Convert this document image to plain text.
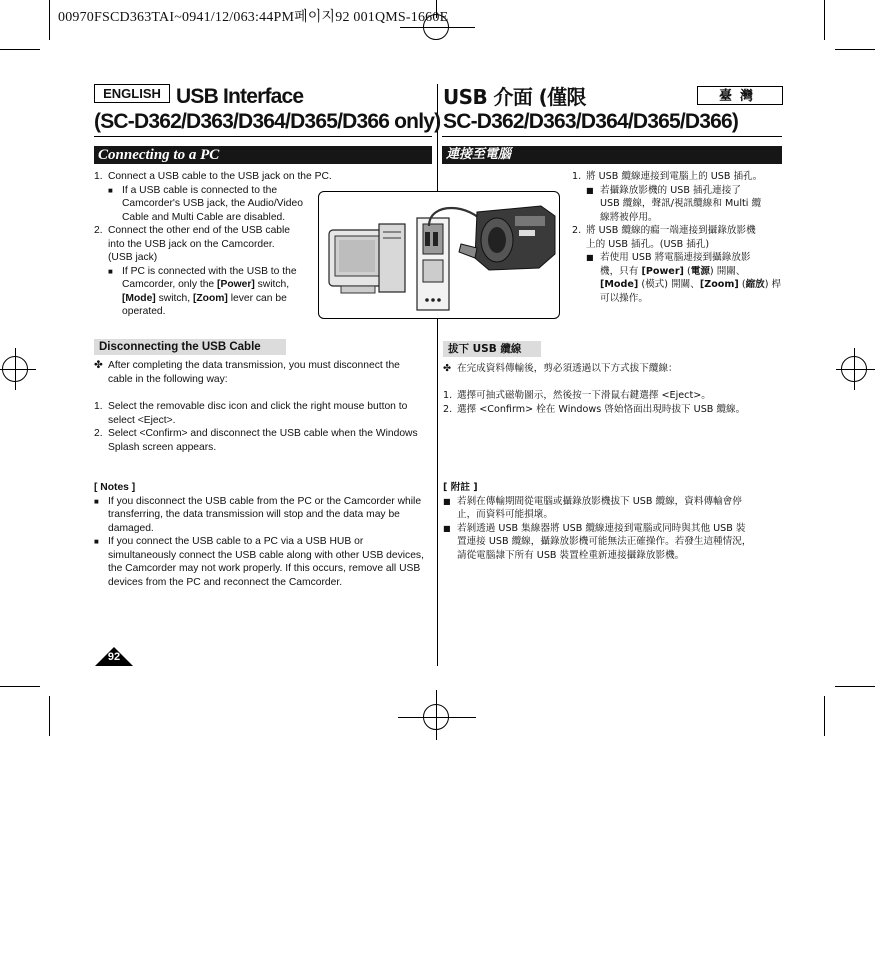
00970FSCD363TAI~0941/12/063:44PM페이지92 001QMS-1660E
ENGLISH USB Interface
(SC-D362/D363/D364/D365/D366 only)
臺灣
USB 介面 (僅限
SC-D362/D363/D364/D365/D366)
Connecting to a PC	連接至電腦
1. Connect a USB cable to the USB jack on the PC.
■ If a USB cable is connected to the
Camcorder's USB jack, the Audio/Video
Cable and Multi Cable are disabled.
2. Connect the other end of the USB cable
into the USB jack on the Camcorder.
(USB jack)
■ If PC is connected with the USB to the
Camcorder, only the [Power] switch,
[Mode] switch, [Zoom] lever can be
operated.
Disconnecting the USB Cable
✤ After completing the data transmission, you must disconnect the
cable in the following way:
1. Select the removable disc icon and click the right mouse button to
select <Eject>.
2. Select <Confirm> and disconnect the USB cable when the Windows
Splash screen appears.
[ Notes ]
■ If you disconnect the USB cable from the PC or the Camcorder while
transferring, the data transmission will stop and the data may be
damaged.
■ If you connect the USB cable to a PC via a USB HUB or
simultaneously connect the USB cable along with other USB devices,
the Camcorder may not work properly. If this occurs, remove all USB
devices from the PC and reconnect the Camcorder.
1. 將 USB 纜線連接到電腦上的 USB 插孔。
■ 若攝錄放影機的 USB 插孔連接了
USB 纜線，聲訊/視訊纜線和 Multi 纜
線將被停用。
2. 將 USB 纜線的瘺一端連接到攝錄放影機
上的 USB 插孔。(USB 插孔)
■ 若使用 USB 將電腦連接到攝錄放影
機，只有 [Power] (電源) 開關、
[Mode] (模式) 開關、[Zoom] (縮放) 桿
可以操作。
拔下 USB 纜線
✤ 在完成資料傳輸後，剪必須透過以下方式拔下纜線：
1. 選擇可抽式磁勒圖示，然後按一下滑鼠右鍵選擇 <Eject>。
2. 選擇 <Confirm> 栓在 Windows 啓始恪面出現時拔下 USB 纜線。
[ 附註 ]
■ 若剝在傳輸期間從電腦或攝錄放影機拔下 USB 纜線，資料傳輸會停
止，而資料可能損壞。
■ 若剝透過 USB 集線器將 USB 纜線連接到電腦或同時與其他 USB 裝
置連接 USB 纜線，攝錄放影機可能無法正確操作。若發生這種情況，
請從電腦隷下所有 USB 裝置栓重新連接攝錄放影機。
92
